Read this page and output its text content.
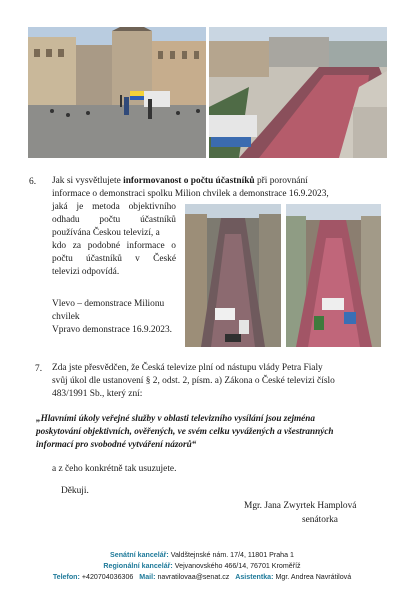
6. Jak si vysvětlujete informovanost o počtu účastníků při porovnání
informace o demonstraci spolku Milion chvilek a demonstrace 16.9.2023,
jaká je metoda objektivního
odhadu počtu účastníků
používána Českou televizí, a
kdo za podobné informace o
počtu účastníků v České
televizi odpovídá.
Vlevo – demonstrace Milionu
chvilek
Vpravo demonstrace 16.9.2023.
7. Zda jste přesvědčen, že Česká televize plní od nástupu vlády Petra Fialy
svůj úkol dle ustanovení § 2, odst. 2, písm. a) Zákona o České televizi číslo
483/1991 Sb., který zní:
„Hlavními úkoly veřejné služby v oblasti televizního vysílání jsou zejména
poskytování objektivních, ověřených, ve svém celku vyvážených a všestranných
informací pro svobodné vytváření názorů“
a z čeho konkrétně tak usuzujete.
Děkuji.
Mgr. Jana Zwyrtek Hamplová
senátorka
Senátní kancelář: Valdštejnské nám. 17/4, 11801 Praha 1
Regionální kancelář: Vejvanovského 466/14, 76701 Kroměříž
Telefon: +420704036306 Mail: navratilovaa@senat.cz Asistentka: Mgr. Andrea Navrátilová
